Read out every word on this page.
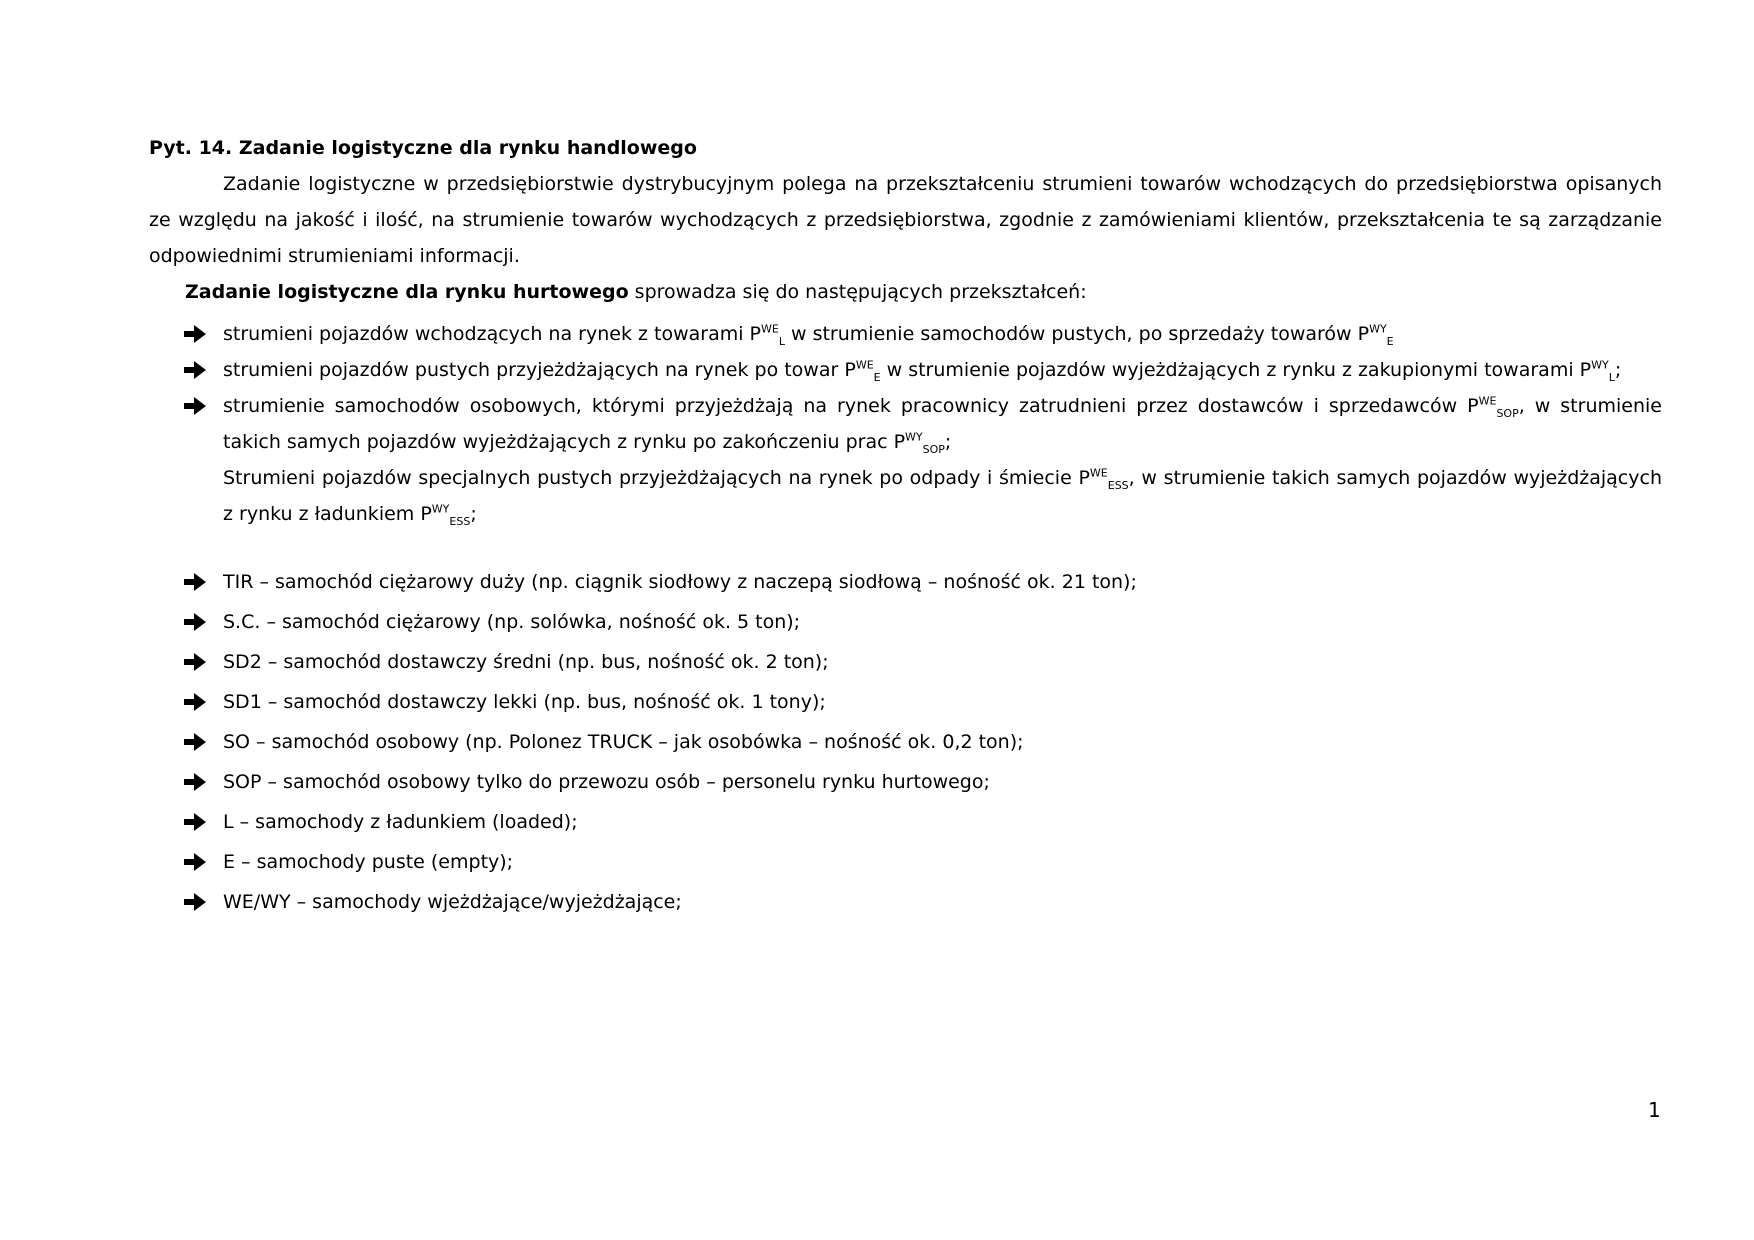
Pyt. 14. Zadanie logistyczne dla rynku handlowego

Zadanie logistyczne w przedsiębiorstwie dystrybucyjnym polega na przekształceniu strumieni towarów wchodzących do przedsiębiorstwa opisanych ze względu na jakość i ilość, na strumienie towarów wychodzących z przedsiębiorstwa, zgodnie z zamówieniami klientów, przekształcenia te są zarządzanie odpowiednimi strumieniami informacji.

Zadanie logistyczne dla rynku hurtowego sprowadza się do następujących przekształceń:

strumieni pojazdów wchodzących na rynek z towarami $P^{WE}_L$ w strumienie samochodów pustych, po sprzedaży towarów $P^{WY}_E$
strumieni pojazdów pustych przyjeżdżających na rynek po towar $P^{WE}_E$ w strumienie pojazdów wyjeżdżających z rynku z zakupionymi towarami $P^{WY}_L$;
strumienie samochodów osobowych, którymi przyjeżdżają na rynek pracownicy zatrudnieni przez dostawców i sprzedawców $P^{WE}_{SOP}$, w strumienie takich samych pojazdów wyjeżdżających z rynku po zakończeniu prac $P^{WY}_{SOP}$;

Strumieni pojazdów specjalnych pustych przyjeżdżających na rynek po odpady i śmiecie $P^{WE}_{ESS}$, w strumienie takich samych pojazdów wyjeżdżających z rynku z ładunkiem $P^{WY}_{ESS}$;

TIR – samochód ciężarowy duży (np. ciągnik siodłowy z naczepą siodłową – nośność ok. 21 ton);
S.C. – samochód ciężarowy (np. solówka, nośność ok. 5 ton);
SD2 – samochód dostawczy średni (np. bus, nośność ok. 2 ton);
SD1 – samochód dostawczy lekki (np. bus, nośność ok. 1 tony);
SO – samochód osobowy (np. Polonez TRUCK – jak osobówka – nośność ok. 0,2 ton);
SOP – samochód osobowy tylko do przewozu osób – personelu rynku hurtowego;
L – samochody z ładunkiem (loaded);
E – samochody puste (empty);
WE/WY – samochody wjeżdżające/wyjeżdżające;
1
